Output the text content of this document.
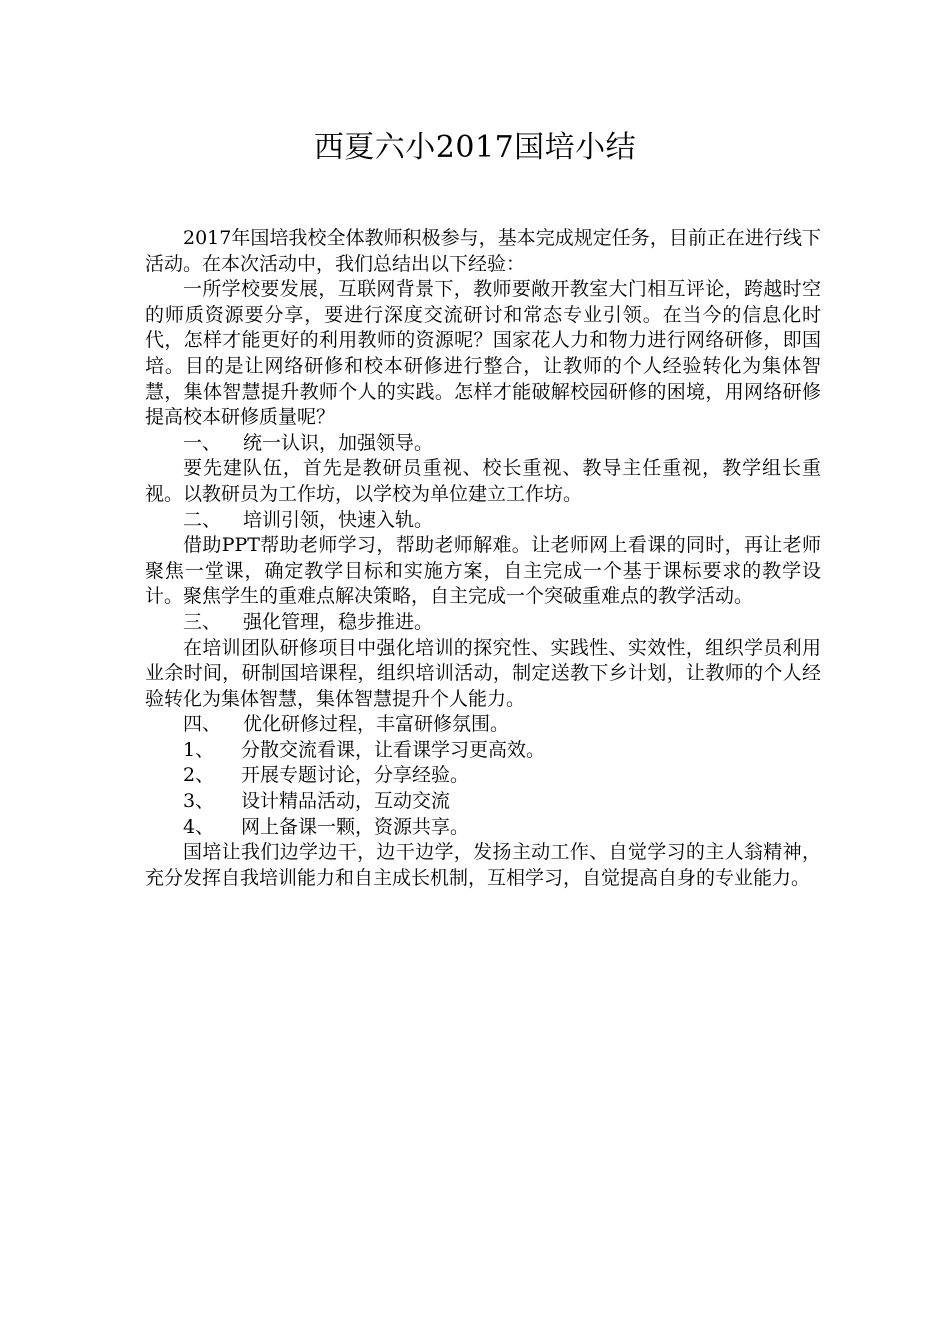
西夏六小2017国培小结

2017年国培我校全体教师积极参与，基本完成规定任务，目前正在进行线下活动。在本次活动中，我们总结出以下经验：

一所学校要发展，互联网背景下，教师要敞开教室大门相互评论，跨越时空的师质资源要分享，要进行深度交流研讨和常态专业引领。在当今的信息化时代，怎样才能更好的利用教师的资源呢？国家花人力和物力进行网络研修，即国培。目的是让网络研修和校本研修进行整合，让教师的个人经验转化为集体智慧，集体智慧提升教师个人的实践。怎样才能破解校园研修的困境，用网络研修提高校本研修质量呢？

一、 统一认识，加强领导。

要先建队伍，首先是教研员重视、校长重视、教导主任重视，教学组长重视。以教研员为工作坊，以学校为单位建立工作坊。

二、 培训引领，快速入轨。

借助PPT帮助老师学习，帮助老师解难。让老师网上看课的同时，再让老师聚焦一堂课，确定教学目标和实施方案，自主完成一个基于课标要求的教学设计。聚焦学生的重难点解决策略，自主完成一个突破重难点的教学活动。

三、 强化管理，稳步推进。

在培训团队研修项目中强化培训的探究性、实践性、实效性，组织学员利用业余时间，研制国培课程，组织培训活动，制定送教下乡计划，让教师的个人经验转化为集体智慧，集体智慧提升个人能力。

四、 优化研修过程，丰富研修氛围。
1、 分散交流看课，让看课学习更高效。
2、 开展专题讨论，分享经验。
3、 设计精品活动，互动交流
4、 网上备课一颗，资源共享。

国培让我们边学边干，边干边学，发扬主动工作、自觉学习的主人翁精神，充分发挥自我培训能力和自主成长机制，互相学习，自觉提高自身的专业能力。
